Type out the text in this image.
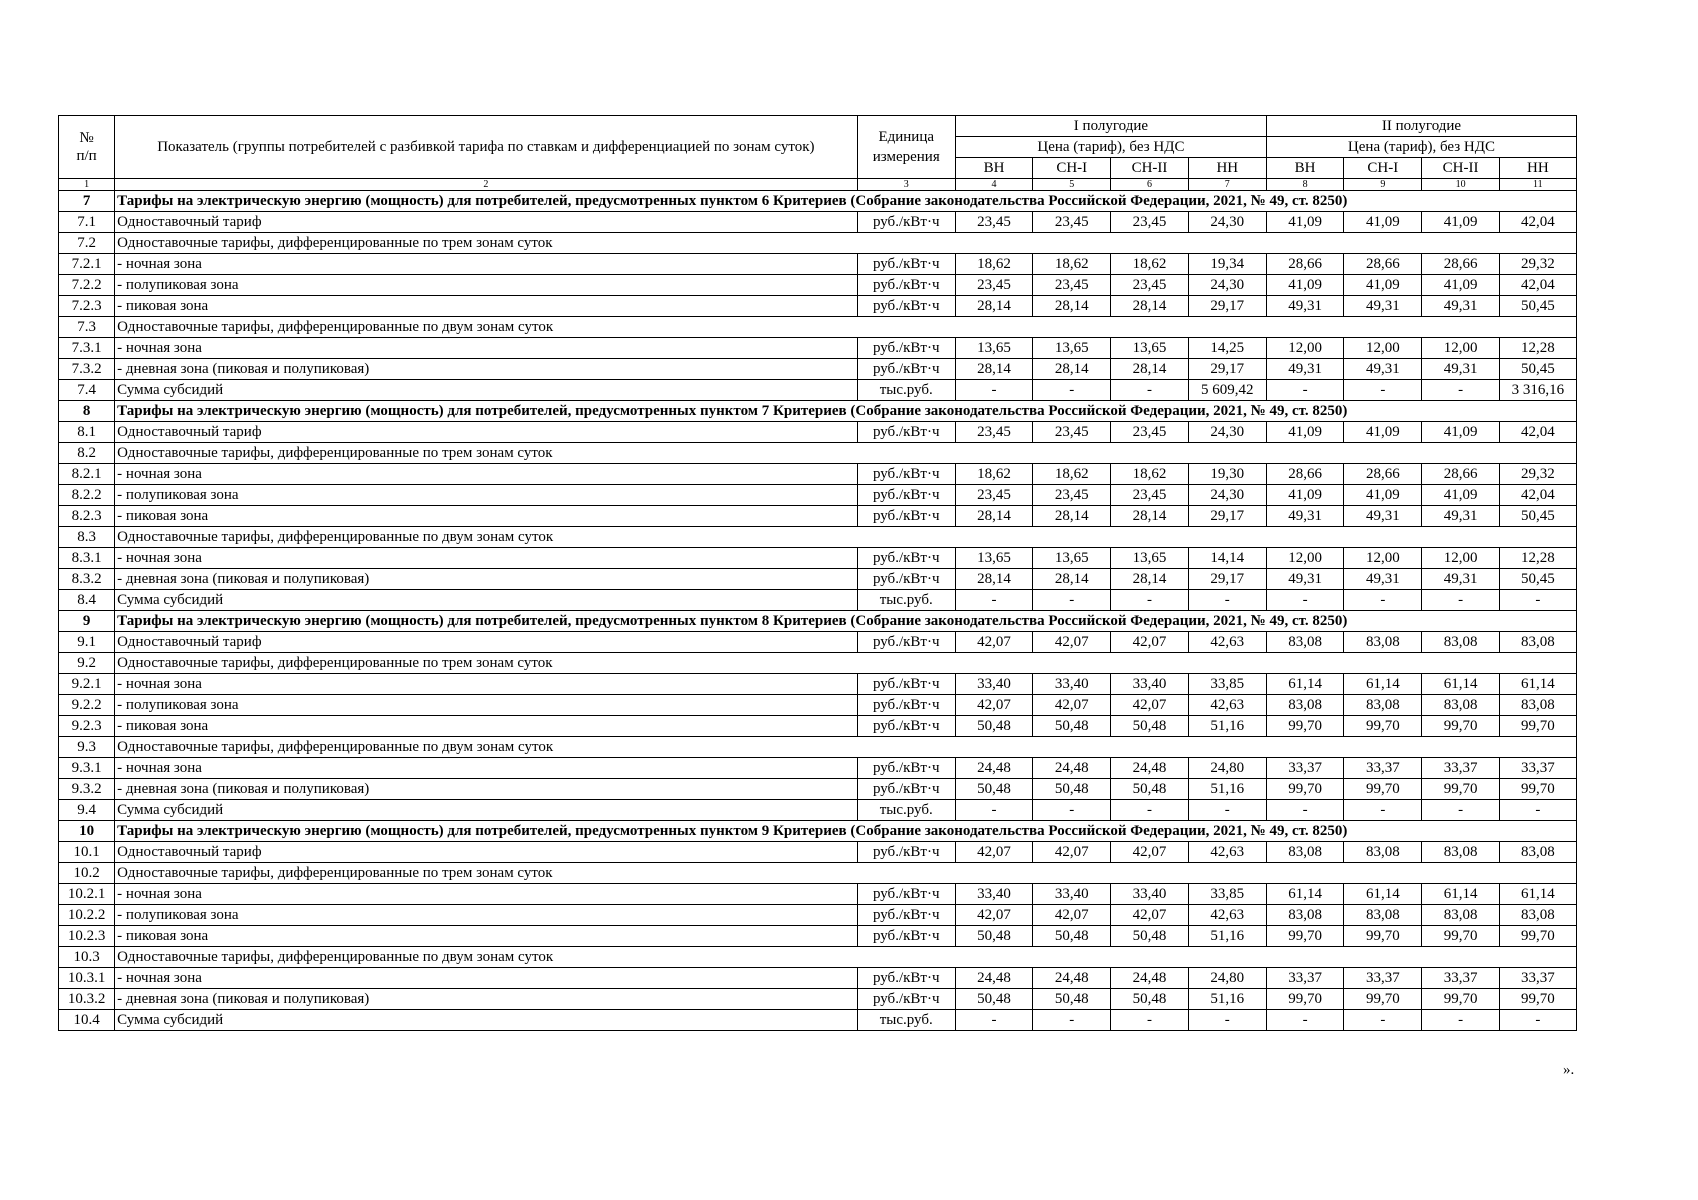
№
п/п	Показатель (группы потребителей с разбивкой тарифа по ставкам и дифференциацией по зонам суток)	Единица измерения	I полугодие				II полугодие			
			Цена (тариф), без НДС				Цена (тариф), без НДС			
			ВН	СН-I	СН-II	НН	ВН	СН-I	СН-II	НН
1	2	3	4	5	6	7	8	9	10	11
7	Тарифы на электрическую энергию (мощность) для потребителей, предусмотренных пунктом 6 Критериев (Собрание законодательства Российской Федерации, 2021, № 49, ст. 8250)									
7.1	Одноставочный тариф	руб./кВт·ч	23,45	23,45	23,45	24,30	41,09	41,09	41,09	42,04
7.2	Одноставочные тарифы, дифференцированные по трем зонам суток									
7.2.1	- ночная зона	руб./кВт·ч	18,62	18,62	18,62	19,34	28,66	28,66	28,66	29,32
7.2.2	- полупиковая зона	руб./кВт·ч	23,45	23,45	23,45	24,30	41,09	41,09	41,09	42,04
7.2.3	- пиковая зона	руб./кВт·ч	28,14	28,14	28,14	29,17	49,31	49,31	49,31	50,45
7.3	Одноставочные тарифы, дифференцированные по двум зонам суток									
7.3.1	- ночная зона	руб./кВт·ч	13,65	13,65	13,65	14,25	12,00	12,00	12,00	12,28
7.3.2	- дневная зона (пиковая и полупиковая)	руб./кВт·ч	28,14	28,14	28,14	29,17	49,31	49,31	49,31	50,45
7.4	Сумма субсидий	тыс.руб.	-	-	-	5 609,42	-	-	-	3 316,16
8	Тарифы на электрическую энергию (мощность) для потребителей, предусмотренных пунктом 7 Критериев (Собрание законодательства Российской Федерации, 2021, № 49, ст. 8250)									
8.1	Одноставочный тариф	руб./кВт·ч	23,45	23,45	23,45	24,30	41,09	41,09	41,09	42,04
8.2	Одноставочные тарифы, дифференцированные по трем зонам суток									
8.2.1	- ночная зона	руб./кВт·ч	18,62	18,62	18,62	19,30	28,66	28,66	28,66	29,32
8.2.2	- полупиковая зона	руб./кВт·ч	23,45	23,45	23,45	24,30	41,09	41,09	41,09	42,04
8.2.3	- пиковая зона	руб./кВт·ч	28,14	28,14	28,14	29,17	49,31	49,31	49,31	50,45
8.3	Одноставочные тарифы, дифференцированные по двум зонам суток									
8.3.1	- ночная зона	руб./кВт·ч	13,65	13,65	13,65	14,14	12,00	12,00	12,00	12,28
8.3.2	- дневная зона (пиковая и полупиковая)	руб./кВт·ч	28,14	28,14	28,14	29,17	49,31	49,31	49,31	50,45
8.4	Сумма субсидий	тыс.руб.	-	-	-	-	-	-	-	-
9	Тарифы на электрическую энергию (мощность) для потребителей, предусмотренных пунктом 8 Критериев (Собрание законодательства Российской Федерации, 2021, № 49, ст. 8250)									
9.1	Одноставочный тариф	руб./кВт·ч	42,07	42,07	42,07	42,63	83,08	83,08	83,08	83,08
9.2	Одноставочные тарифы, дифференцированные по трем зонам суток									
9.2.1	- ночная зона	руб./кВт·ч	33,40	33,40	33,40	33,85	61,14	61,14	61,14	61,14
9.2.2	- полупиковая зона	руб./кВт·ч	42,07	42,07	42,07	42,63	83,08	83,08	83,08	83,08
9.2.3	- пиковая зона	руб./кВт·ч	50,48	50,48	50,48	51,16	99,70	99,70	99,70	99,70
9.3	Одноставочные тарифы, дифференцированные по двум зонам суток									
9.3.1	- ночная зона	руб./кВт·ч	24,48	24,48	24,48	24,80	33,37	33,37	33,37	33,37
9.3.2	- дневная зона (пиковая и полупиковая)	руб./кВт·ч	50,48	50,48	50,48	51,16	99,70	99,70	99,70	99,70
9.4	Сумма субсидий	тыс.руб.	-	-	-	-	-	-	-	-
10	Тарифы на электрическую энергию (мощность) для потребителей, предусмотренных пунктом 9 Критериев (Собрание законодательства Российской Федерации, 2021, № 49, ст. 8250)									
10.1	Одноставочный тариф	руб./кВт·ч	42,07	42,07	42,07	42,63	83,08	83,08	83,08	83,08
10.2	Одноставочные тарифы, дифференцированные по трем зонам суток									
10.2.1	- ночная зона	руб./кВт·ч	33,40	33,40	33,40	33,85	61,14	61,14	61,14	61,14
10.2.2	- полупиковая зона	руб./кВт·ч	42,07	42,07	42,07	42,63	83,08	83,08	83,08	83,08
10.2.3	- пиковая зона	руб./кВт·ч	50,48	50,48	50,48	51,16	99,70	99,70	99,70	99,70
10.3	Одноставочные тарифы, дифференцированные по двум зонам суток									
10.3.1	- ночная зона	руб./кВт·ч	24,48	24,48	24,48	24,80	33,37	33,37	33,37	33,37
10.3.2	- дневная зона (пиковая и полупиковая)	руб./кВт·ч	50,48	50,48	50,48	51,16	99,70	99,70	99,70	99,70
10.4	Сумма субсидий	тыс.руб.	-	-	-	-	-	-	-	-
».
